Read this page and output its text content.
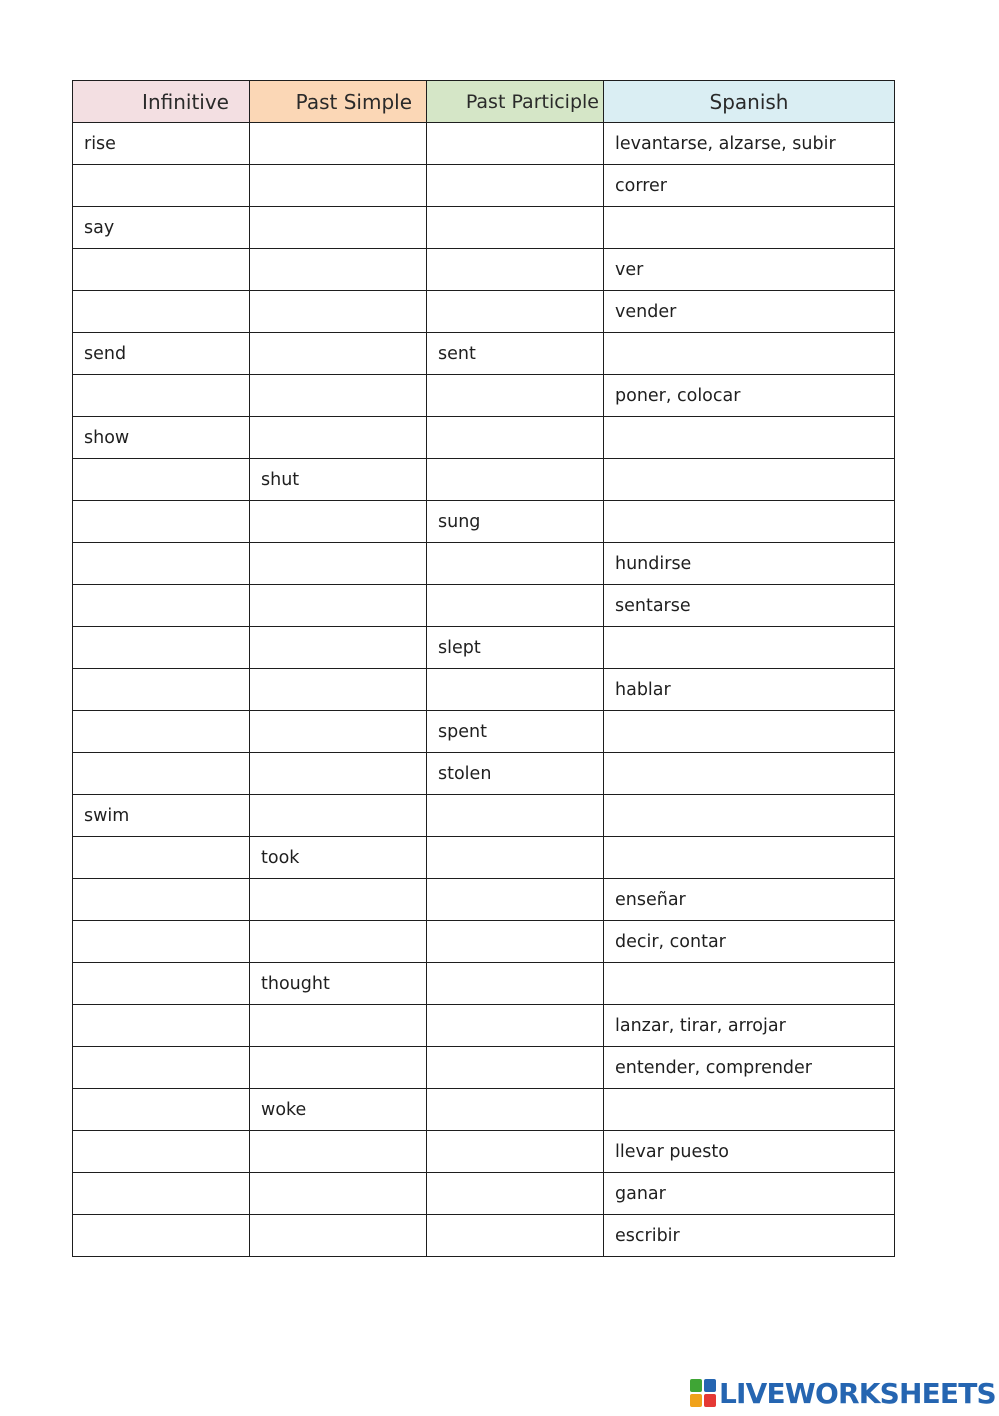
Infinitive	Past Simple	Past Participle	Spanish
rise			levantarse, alzarse, subir
			correr
say			
			ver
			vender
send		sent	
			poner, colocar
show			
	shut		
		sung	
			hundirse
			sentarse
		slept	
			hablar
		spent	
		stolen	
swim			
	took		
			enseñar
			decir, contar
	thought		
			lanzar, tirar, arrojar
			entender, comprender
	woke		
			llevar puesto
			ganar
			escribir
LIVEWORKSHEETS
